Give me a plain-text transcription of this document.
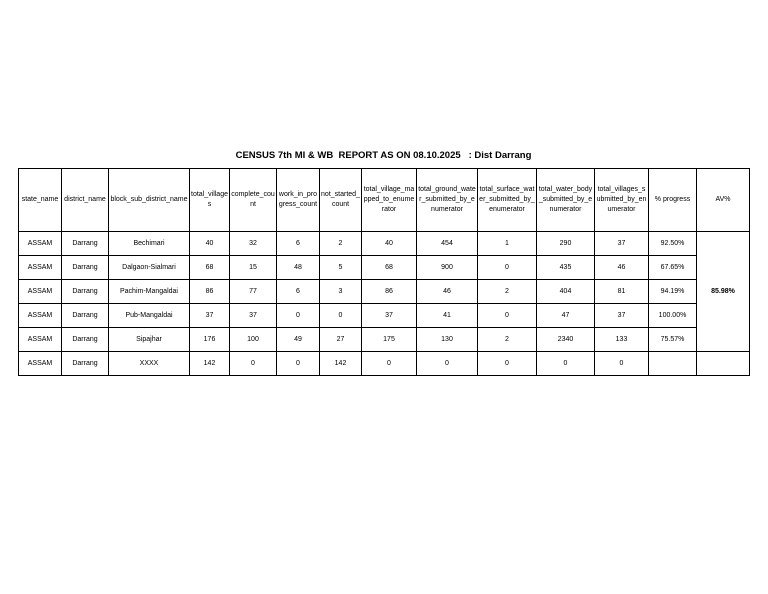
CENSUS 7th MI & WB  REPORT AS ON 08.10.2025   : Dist Darrang
state_name	district_name	block_sub_district_name	total_villages	complete_count	work_in_progress_count	not_started_count	total_village_mapped_to_enumerator	total_ground_water_submitted_by_enumerator	total_surface_water_submitted_by_enumerator	total_water_body_submitted_by_enumerator	total_villages_submitted_by_enumerator	% progress	AV%
ASSAM	Darrang	Bechimari	40	32	6	2	40	454	1	290	37	92.50%	85.98%
ASSAM	Darrang	Dalgaon-Sialmari	68	15	48	5	68	900	0	435	46	67.65%	
ASSAM	Darrang	Pachim-Mangaldai	86	77	6	3	86	46	2	404	81	94.19%	
ASSAM	Darrang	Pub-Mangaldai	37	37	0	0	37	41	0	47	37	100.00%	
ASSAM	Darrang	Sipajhar	176	100	49	27	175	130	2	2340	133	75.57%	
ASSAM	Darrang	XXXX	142	0	0	142	0	0	0	0	0		
